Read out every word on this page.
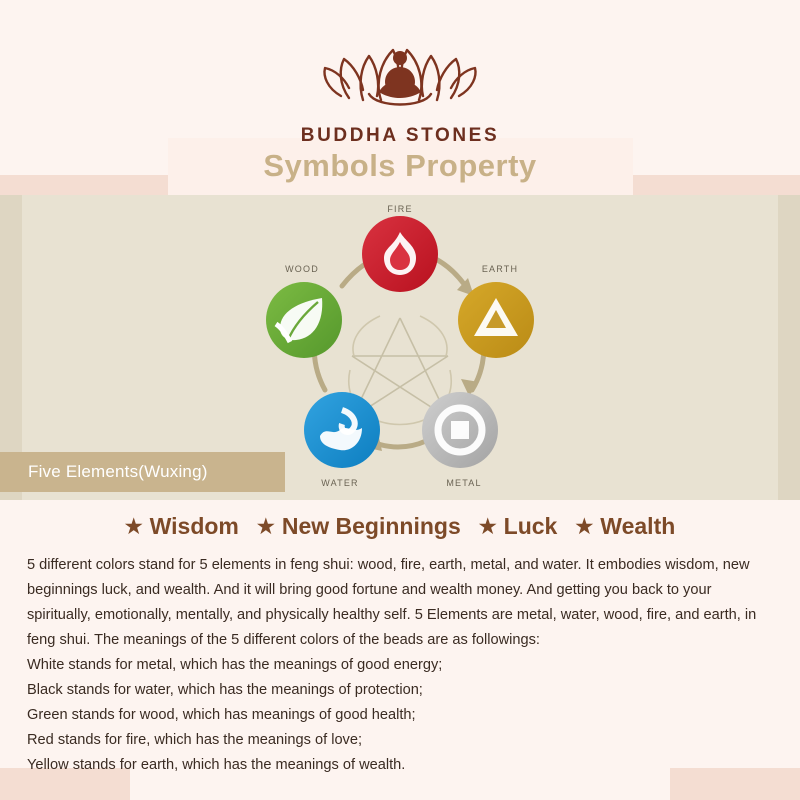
BUDDHA STONES
Symbols Property
FIRE
EARTH
METAL
WATER
WOOD
Five Elements(Wuxing)
★ Wisdom ★ New Beginnings ★ Luck ★ Wealth

5 different colors stand for 5 elements in feng shui: wood, fire, earth, metal, and water. It embodies wisdom, new beginnings luck, and wealth. And it will bring good fortune and wealth money. And getting you back to your spiritually, emotionally, mentally, and physically healthy self. 5 Elements are metal, water, wood, fire, and earth, in feng shui. The meanings of the 5 different colors of the beads are as followings:

White stands for metal, which has the meanings of good energy;

Black stands for water, which has the meanings of protection;

Green stands for wood, which has meanings of good health;

Red stands for fire, which has the meanings of love;

Yellow stands for earth, which has the meanings of wealth.
